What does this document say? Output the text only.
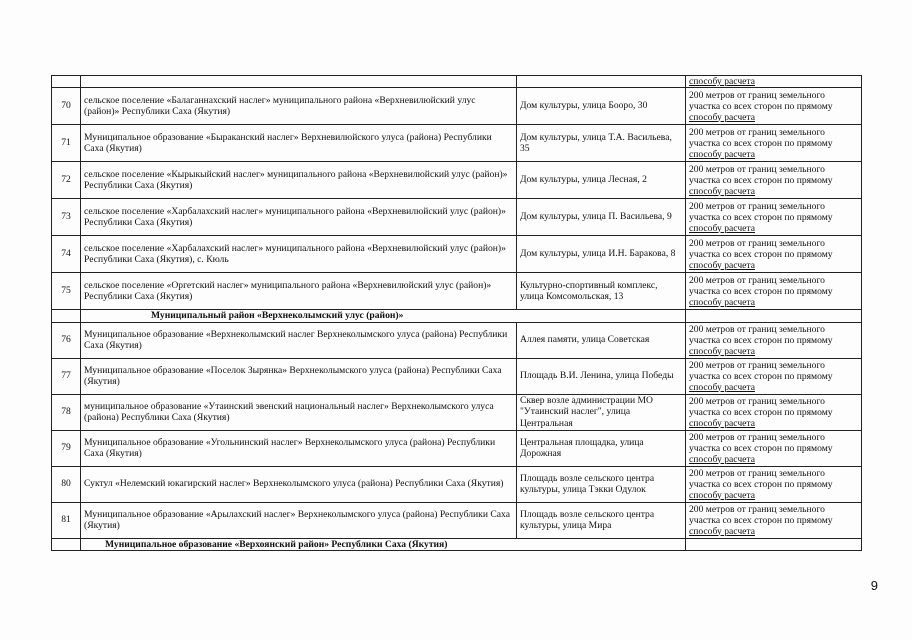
			способу расчета

70	сельское поселение «Балаганнахский наслег» муниципального района «Верхневилюйский улус (район)» Республики Саха (Якутия)	Дом культуры, улица Бооро, 30	200 метров от границ земельного
участка со всех сторон по прямому
способу расчета

71	Муниципальное образование «Быраканский наслег» Верхневилюйского улуса (района) Республики Саха (Якутия)	Дом культуры, улица Т.А. Васильева, 35	200 метров от границ земельного
участка со всех сторон по прямому
способу расчета

72	сельское поселение «Кырыкыйский наслег» муниципального района «Верхневилюйский улус (район)» Республики Саха (Якутия)	Дом культуры, улица Лесная, 2	200 метров от границ земельного
участка со всех сторон по прямому
способу расчета

73	сельское поселение «Харбалахский наслег» муниципального района «Верхневилюйский улус (район)» Республики Саха (Якутия)	Дом культуры, улица П. Васильева, 9	200 метров от границ земельного
участка со всех сторон по прямому
способу расчета

74	сельское поселение «Харбалахский наслег» муниципального района «Верхневилюйский улус (район)» Республики Саха (Якутия), с. Кюль	Дом культуры, улица И.Н. Баракова, 8	200 метров от границ земельного
участка со всех сторон по прямому
способу расчета

75	сельское поселение «Оргетский наслег» муниципального района «Верхневилюйский улус (район)» Республики Саха (Якутия)	Культурно-спортивный комплекс, улица Комсомольская, 13	200 метров от границ земельного
участка со всех сторон по прямому
способу расчета

	Муниципальный район «Верхнеколымский улус (район)»		
76	Муниципальное образование «Верхнеколымский наслег Верхнеколымского улуса (района) Республики Саха (Якутия)	Аллея памяти, улица Советская	200 метров от границ земельного
участка со всех сторон по прямому
способу расчета

77	Муниципальное образование «Поселок Зырянка» Верхнеколымского улуса (района) Республики Саха (Якутия)	Площадь В.И. Ленина, улица Победы	200 метров от границ земельного
участка со всех сторон по прямому
способу расчета

78	муниципальное образование «Утаинский эвенский национальный наслег» Верхнеколымского улуса (района) Республики Саха (Якутия)	Сквер возле администрации МО "Утаинский наслег", улица Центральная	200 метров от границ земельного
участка со всех сторон по прямому
способу расчета

79	Муниципальное образование «Угольнинский наслег» Верхнеколымского улуса (района) Республики Саха (Якутия)	Центральная площадка, улица Дорожная	200 метров от границ земельного
участка со всех сторон по прямому
способу расчета

80	Суктул «Нелемский юкагирский наслег» Верхнеколымского улуса (района) Республики Саха (Якутия)	Площадь возле сельского центра культуры, улица Тэкки Одулок	200 метров от границ земельного
участка со всех сторон по прямому
способу расчета

81	Муниципальное образование «Арылахский наслег» Верхнеколымского улуса (района) Республики Саха (Якутия)	Площадь возле сельского центра культуры, улица Мира	200 метров от границ земельного
участка со всех сторон по прямому
способу расчета

	Муниципальное образование «Верхоянский район» Республики Саха (Якутия)		
9
